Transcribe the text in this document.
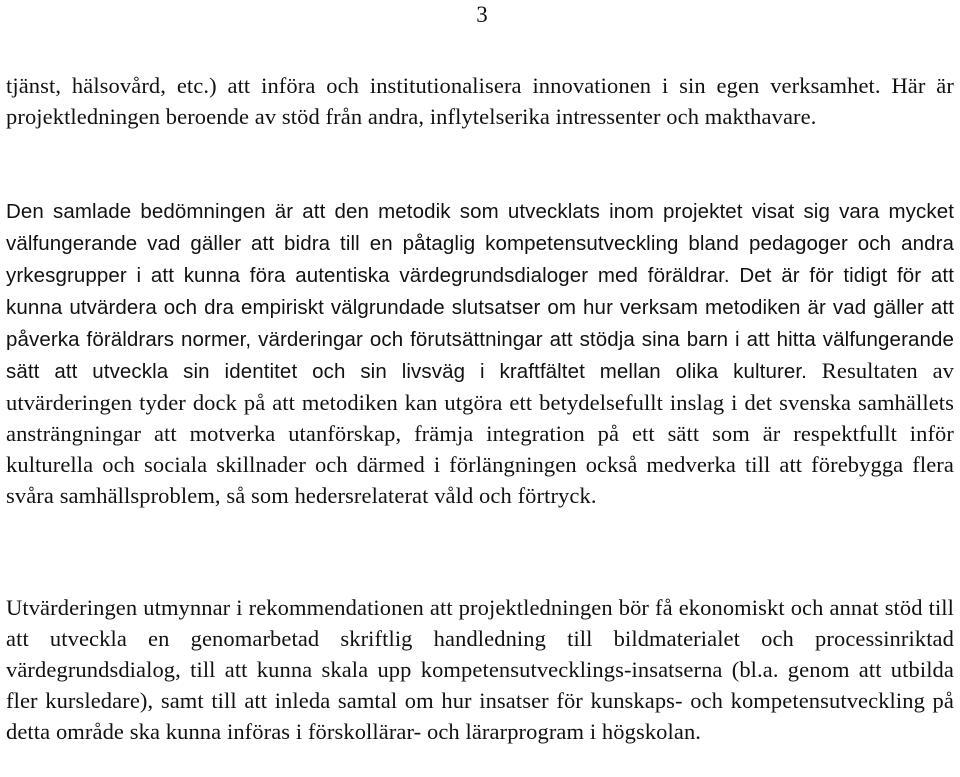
3

tjänst, hälsovård, etc.) att införa och institutionalisera innovationen i sin egen verksamhet. Här är projektledningen beroende av stöd från andra, inflytelserika intressenter och makthavare.

Den samlade bedömningen är att den metodik som utvecklats inom projektet visat sig vara mycket välfungerande vad gäller att bidra till en påtaglig kompetensutveckling bland pedagoger och andra yrkesgrupper i att kunna föra autentiska värdegrundsdialoger med föräldrar. Det är för tidigt för att kunna utvärdera och dra empiriskt välgrundade slutsatser om hur verksam metodiken är vad gäller att påverka föräldrars normer, värderingar och förutsättningar att stödja sina barn i att hitta välfungerande sätt att utveckla sin identitet och sin livsväg i kraftfältet mellan olika kulturer. Resultaten av utvärderingen tyder dock på att metodiken kan utgöra ett betydelsefullt inslag i det svenska samhällets ansträngningar att motverka utanförskap, främja integration på ett sätt som är respektfullt inför kulturella och sociala skillnader och därmed i förlängningen också medverka till att förebygga flera svåra samhällsproblem, så som hedersrelaterat våld och förtryck.

Utvärderingen utmynnar i rekommendationen att projektledningen bör få ekonomiskt och annat stöd till att utveckla en genomarbetad skriftlig handledning till bildmaterialet och processinriktad värdegrundsdialog, till att kunna skala upp kompetensutvecklings-insatserna (bl.a. genom att utbilda fler kursledare), samt till att inleda samtal om hur insatser för kunskaps- och kompetensutveckling på detta område ska kunna införas i förskollärar- och lärarprogram i högskolan.
